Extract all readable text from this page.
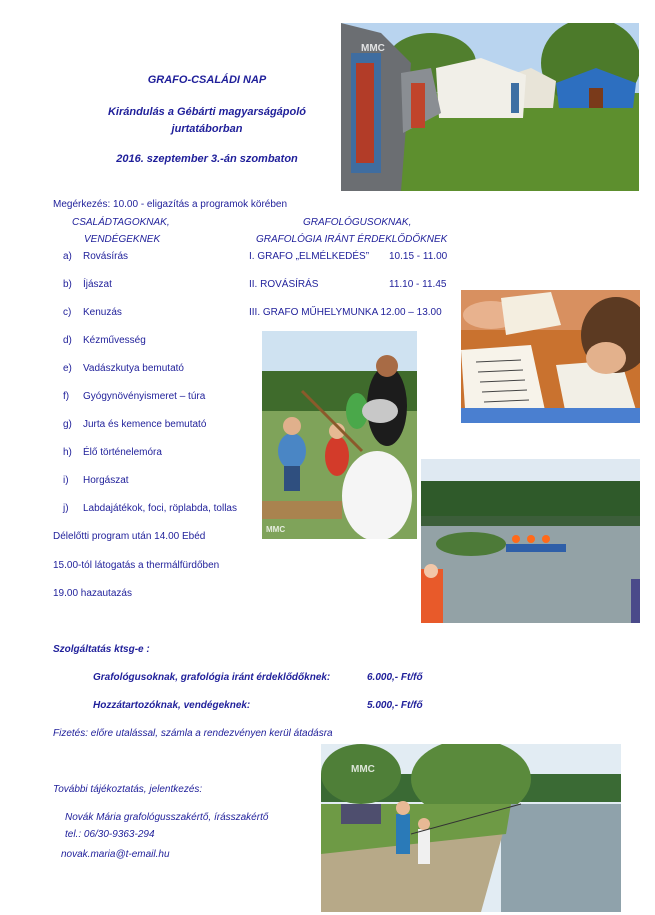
GRAFO-CSALÁDI NAP
Kirándulás a Gébárti magyarságápoló
jurtatáborban
2016. szeptember 3.-án szombaton
MMC
Megérkezés: 10.00 - eligazítás a programok körében
CSALÁDTAGOKNAK,
VENDÉGEKNEK
GRAFOLÓGUSOKNAK,
GRAFOLÓGIA IRÁNT ÉRDEKLŐDŐKNEK
a) Rovásírás
b) Íjászat
c) Kenuzás
d) Kézművesség
e) Vadászkutya bemutató
f) Gyógynövényismeret – túra
g) Jurta és kemence bemutató
h) Élő történelemóra
i) Horgászat
j) Labdajátékok, foci, röplabda, tollas
I. GRAFO „ELMÉLKEDÉS” 10.15 - 11.00
II. ROVÁSÍRÁS	11.10 - 11.45
III. GRAFO MŰHELYMUNKA 12.00 – 13.00
MMC
Délelőtti program után 14.00 Ebéd
15.00-tól látogatás a thermálfürdőben
19.00 hazautazás
Szolgáltatás ktsg-e :
Grafológusoknak, grafológia iránt érdeklődőknek:	6.000,- Ft/fő
Hozzátartozóknak, vendégeknek:	5.000,- Ft/fő
Fizetés: előre utalással, számla a rendezvényen kerül átadásra
További tájékoztatás, jelentkezés:
Novák Mária grafológusszakértő, írásszakértő
tel.: 06/30-9363-294
novak.maria@t-email.hu
MMC
